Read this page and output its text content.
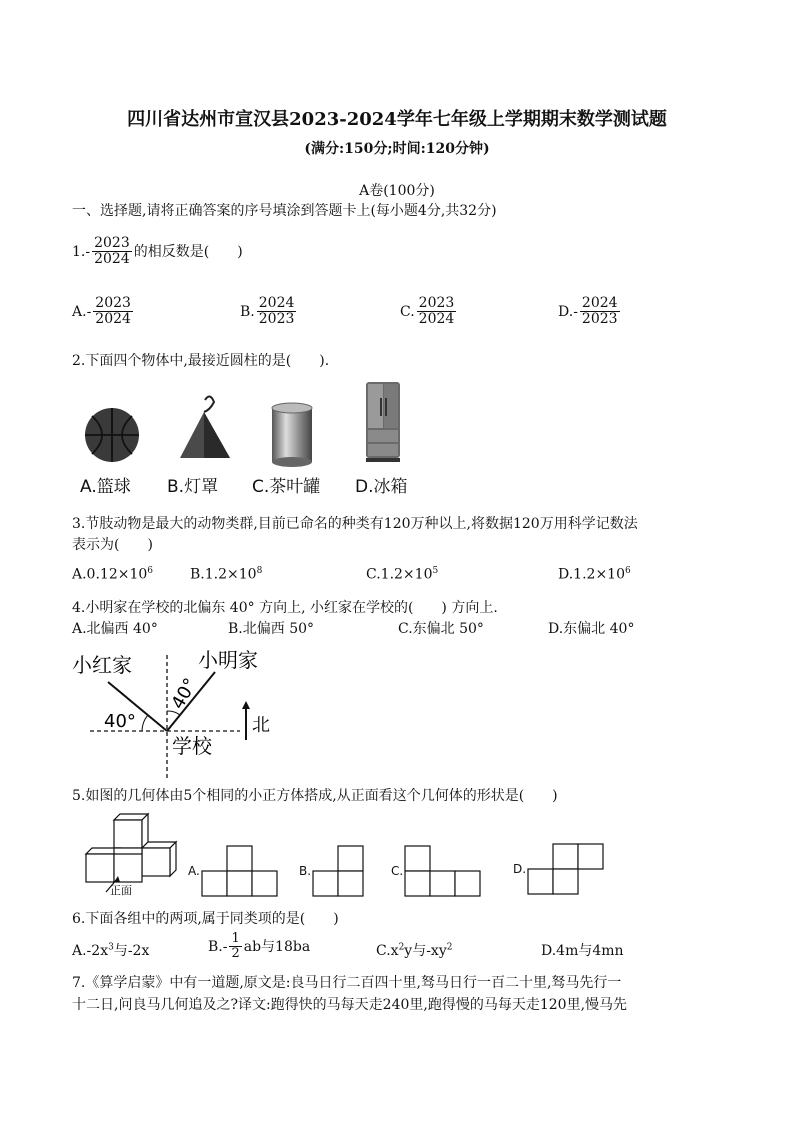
四川省达州市宣汉县2023-2024学年七年级上学期期末数学测试题
(满分:150分;时间:120分钟)
A卷(100分)
一、选择题,请将正确答案的序号填涂到答题卡上(每小题4分,共32分)
$1.- \frac{2023}{2024}$ 的相反数是(　　)
$A.- \frac{2023}{2024}$	B. $\frac{2024}{2023}$	C. $\frac{2023}{2024}$	$D.- \frac{2024}{2023}$
2.下面四个物体中,最接近圆柱的是(　　).
A.篮球 B.灯罩 C.茶叶罐 D.冰箱
3.节肢动物是最大的动物类群,目前已命名的种类有120万种以上,将数据120万用科学记数法
表示为(　　)
$A.0.12\times 10^6$	$B.1.2\times 10^8$	$C.1.2\times 10^5$	$D.1.2\times 10^6$
4.小明家在学校的北偏东 40° 方向上, 小红家在学校的(　　) 方向上.
A.北偏西 40°	B.北偏西 50°	C.东偏北 50°	D.东偏北 40°
小红家	小明家
40°
40°
北
学校
5.如图的几何体由5个相同的小正方体搭成,从正面看这个几何体的形状是(　　)
正面
A.	B.	C.	D.
6.下面各组中的两项,属于同类项的是(　　)
$A.-2x^3$与-2x	$B.- \frac{1}{2}$ ab与18ba	$C.x^2y$与$-xy^2$	D.4m与4mn
7.《算学启蒙》中有一道题,原文是:良马日行二百四十里,驽马日行一百二十里,驽马先行一
十二日,问良马几何追及之?译文:跑得快的马每天走240里,跑得慢的马每天走120里,慢马先
